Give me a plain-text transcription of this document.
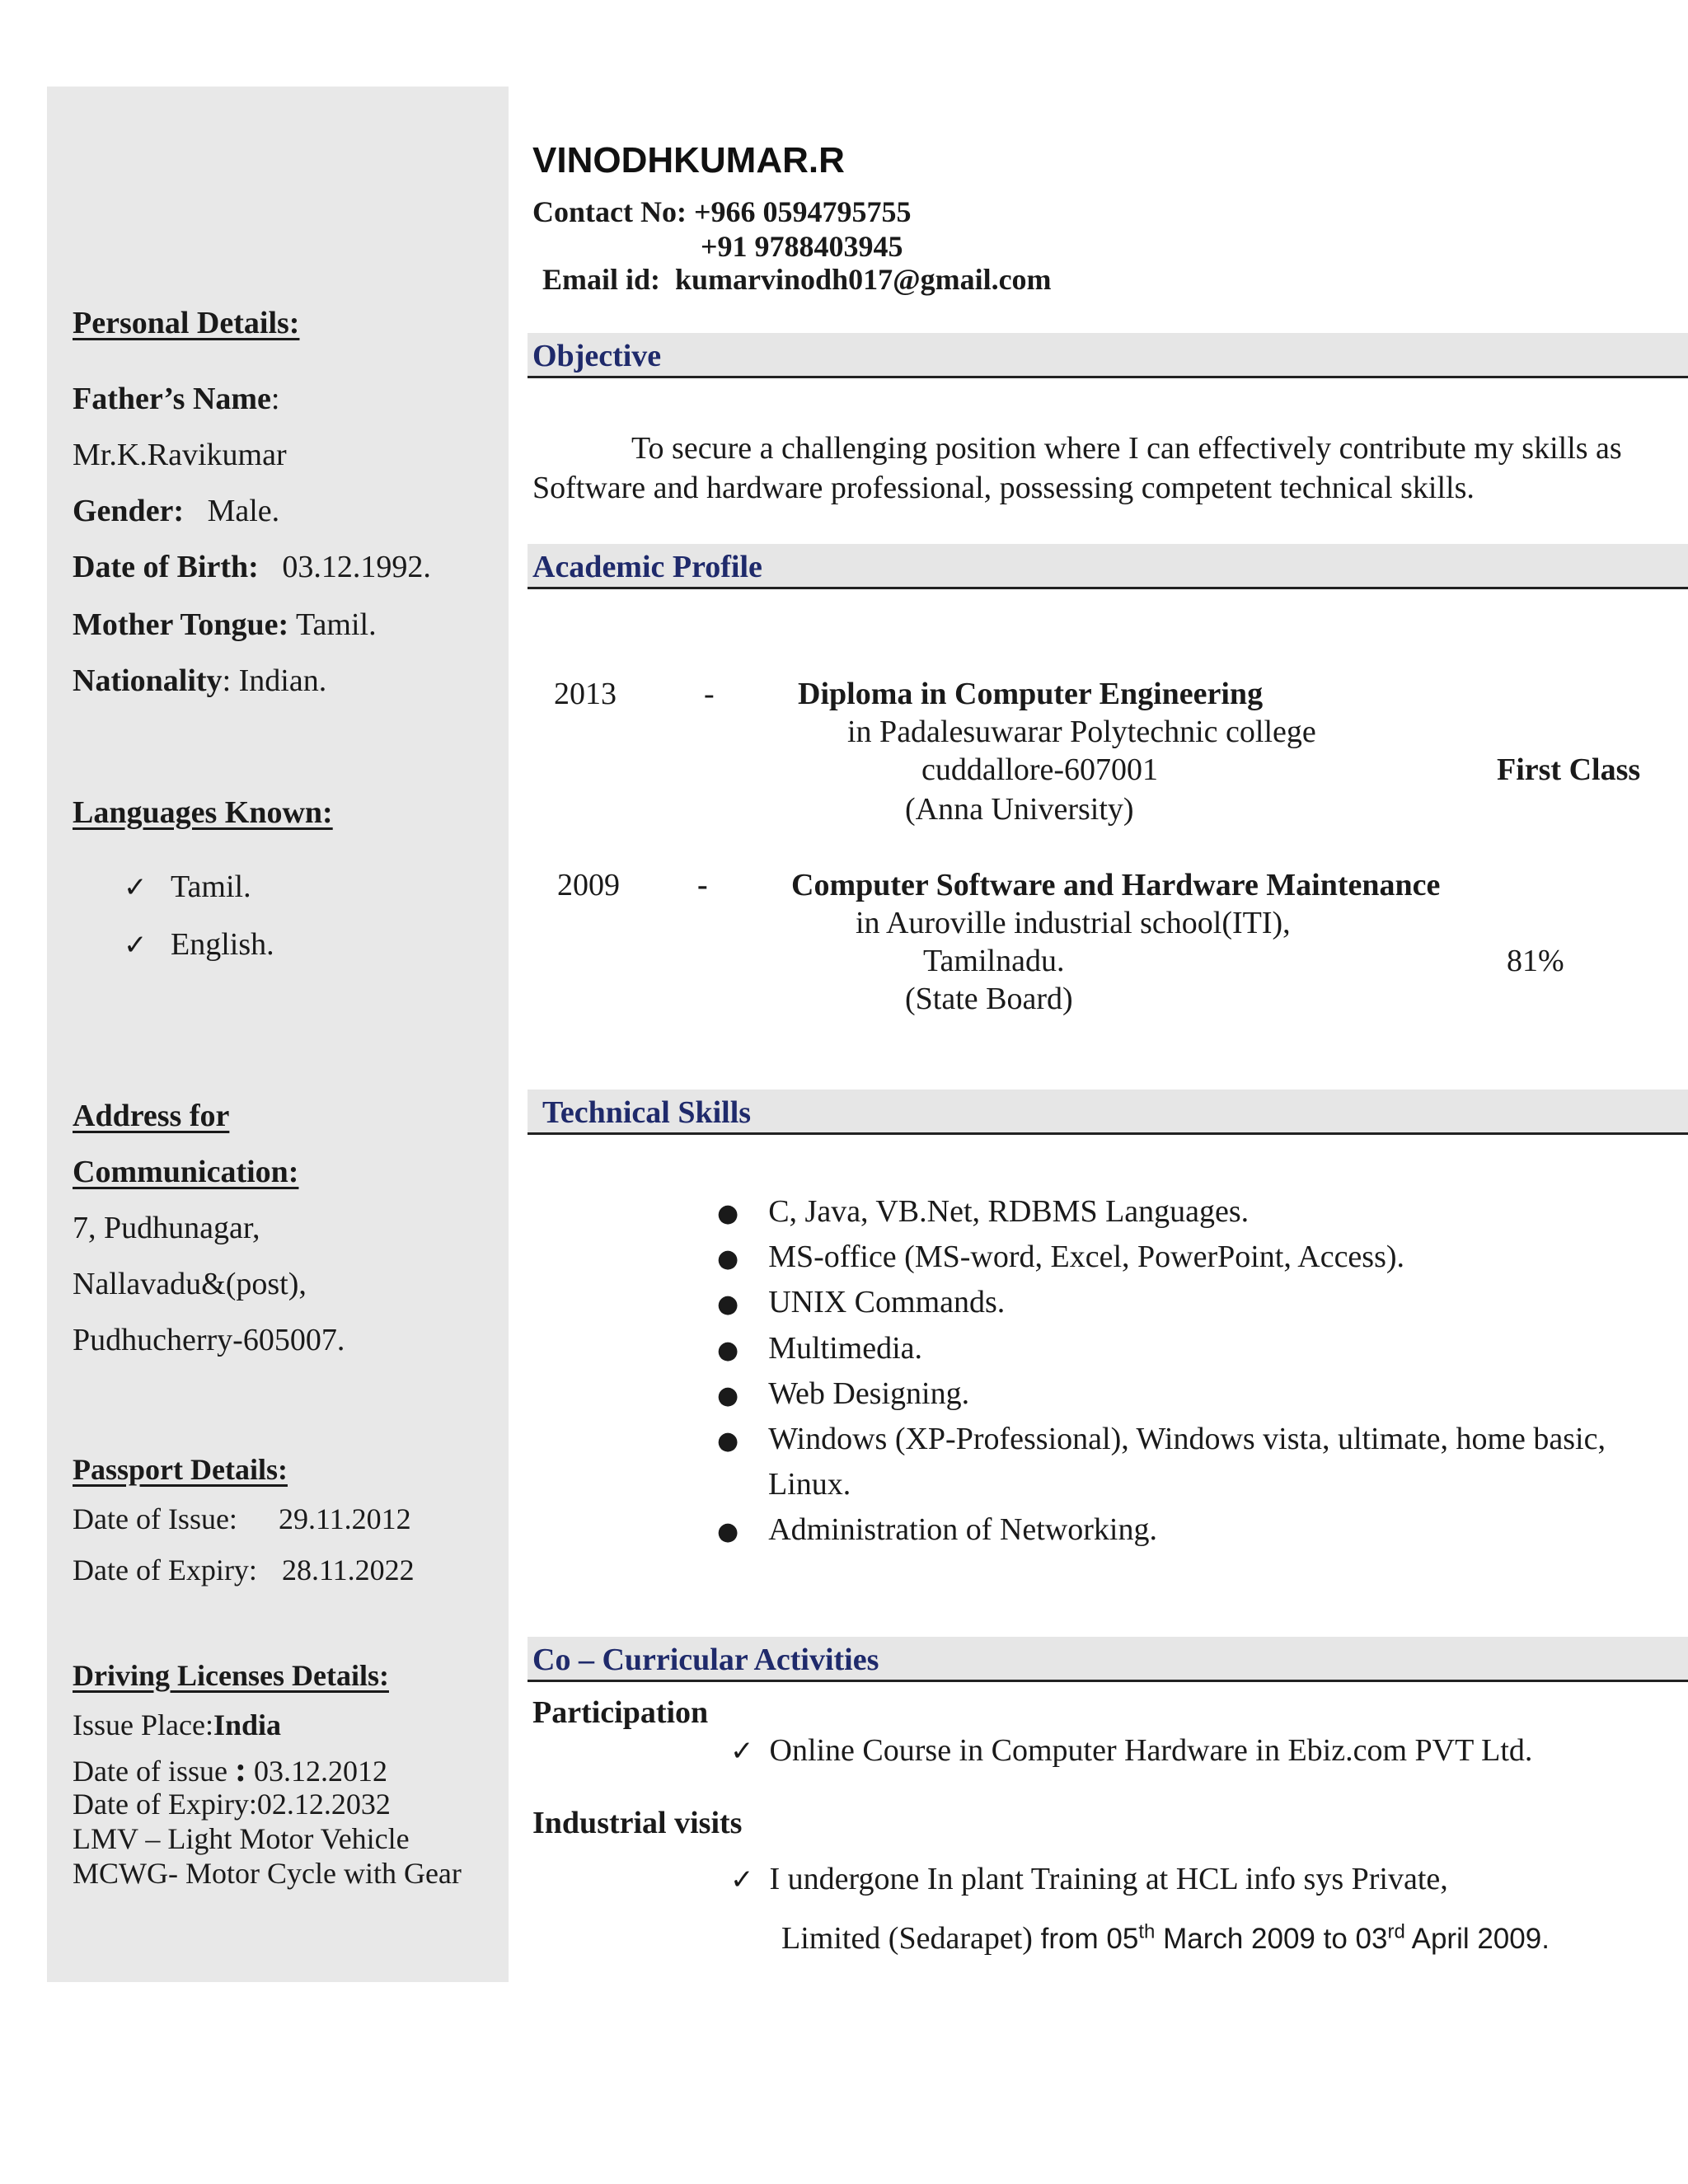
Personal Details:
Father’s Name:
Mr.K.Ravikumar
Gender: Male.
Date of Birth: 03.12.1992.
Mother Tongue: Tamil.
Nationality: Indian.
Languages Known:
✓ Tamil.
✓ English.
Address for
Communication:
7, Pudhunagar,
Nallavadu&(post),
Pudhucherry-605007.
Passport Details:
Date of Issue: 29.11.2012
Date of Expiry: 28.11.2022
Driving Licenses Details:
Issue Place:India
Date of issue : 03.12.2012
Date of Expiry:02.12.2032
LMV – Light Motor Vehicle
MCWG- Motor Cycle with Gear
VINODHKUMAR.R
Contact No: +966 0594795755
+91 9788403945
Email id: kumarvinodh017@gmail.com
Objective
To secure a challenging position where I can effectively contribute my skills as
Software and hardware professional, possessing competent technical skills.
Academic Profile
2013	-	Diploma in Computer Engineering
in Padalesuwarar Polytechnic college
cuddallore-607001	First Class
(Anna University)
2009 -	Computer Software and Hardware Maintenance
in Auroville industrial school(ITI),
Tamilnadu.	81%
(State Board)
Technical Skills
● C, Java, VB.Net, RDBMS Languages.
● MS-office (MS-word, Excel, PowerPoint, Access).
● UNIX Commands.
● Multimedia.
● Web Designing.
● Windows (XP-Professional), Windows vista, ultimate, home basic,
Linux.
● Administration of Networking.
Co – Curricular Activities
Participation
✓ Online Course in Computer Hardware in Ebiz.com PVT Ltd.
Industrial visits
✓ I undergone In plant Training at HCL info sys Private,
Limited (Sedarapet) from 05th March 2009 to 03rd April 2009.
